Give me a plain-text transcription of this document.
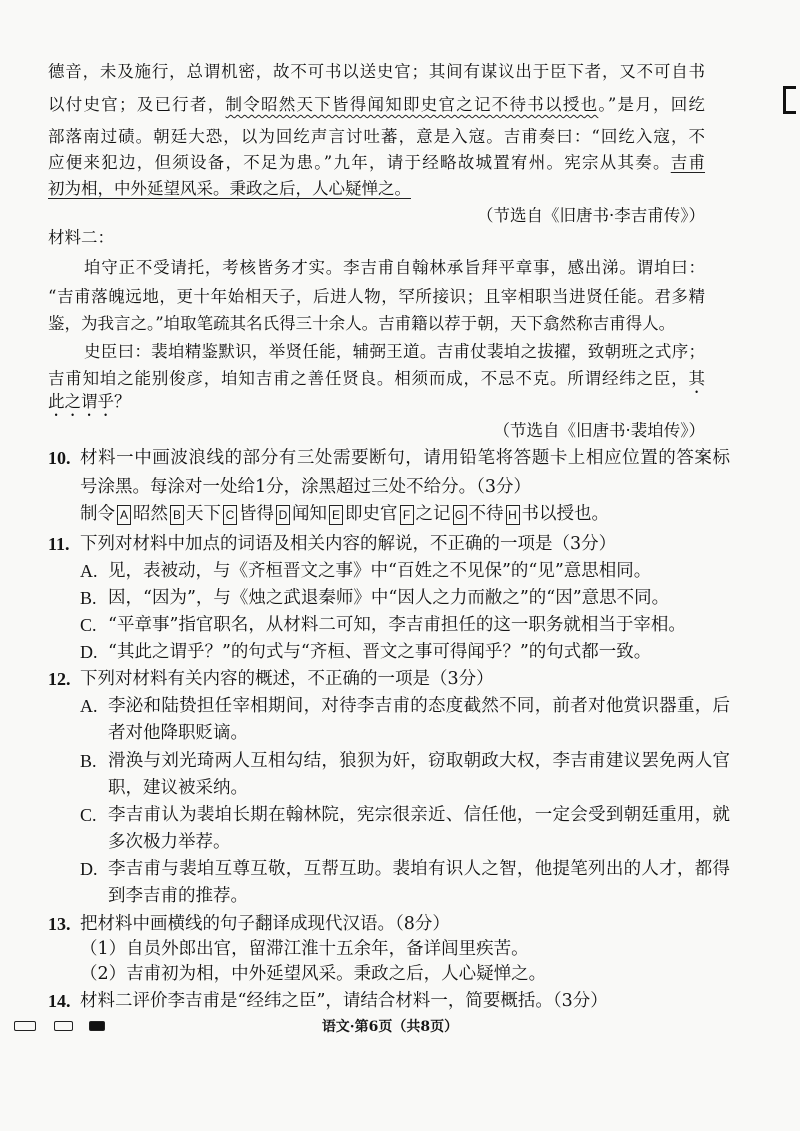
德音，未及施行，总谓机密，故不可书以送史官；其间有谋议出于臣下者，又不可自书
以付史官；及已行者，制令昭然天下皆得闻知即史官之记不待书以授也。”是月，回纥
部落南过碛。朝廷大恐，以为回纥声言讨吐蕃，意是入寇。吉甫奏曰：“回纥入寇，不
应便来犯边，但须设备，不足为患。”九年，请于经略故城置宥州。宪宗从其奏。吉甫
初为相，中外延望风采。秉政之后，人心疑惮之。
（节选自《旧唐书·李吉甫传》）
材料二：
垍守正不受请托，考核皆务才实。李吉甫自翰林承旨拜平章事，感出涕。谓垍曰：
“吉甫落魄远地，更十年始相天子，后进人物，罕所接识；且宰相职当进贤任能。君多精
鉴，为我言之。”垍取笔疏其名氏得三十余人。吉甫籍以荐于朝，天下翕然称吉甫得人。
史臣曰：裴垍精鉴默识，举贤任能，辅弼王道。吉甫仗裴垍之拔擢，致朝班之式序；
吉甫知垍之能别俊彦，垍知吉甫之善任贤良。相须而成，不忌不克。所谓经纬之臣，其
此之谓乎？
（节选自《旧唐书·裴垍传》）
10. 材料一中画波浪线的部分有三处需要断句，请用铅笔将答题卡上相应位置的答案标
号涂黑。每涂对一处给1分，涂黑超过三处不给分。（3分）
制令 A 昭然 B 天下 C 皆得 D 闻知 E 即史官 F 之记 G 不待 H 书以授也。
11. 下列对材料中加点的词语及相关内容的解说，不正确的一项是（3分）
A. 见，表被动，与《齐桓晋文之事》中“百姓之不见保”的“见”意思相同。
B. 因，“因为”，与《烛之武退秦师》中“因人之力而敝之”的“因”意思不同。
C. “平章事”指官职名，从材料二可知，李吉甫担任的这一职务就相当于宰相。
D. “其此之谓乎？”的句式与“齐桓、晋文之事可得闻乎？”的句式都一致。
12. 下列对材料有关内容的概述，不正确的一项是（3分）
A. 李泌和陆贽担任宰相期间，对待李吉甫的态度截然不同，前者对他赏识器重，后
者对他降职贬谪。
B. 滑涣与刘光琦两人互相勾结，狼狈为奸，窃取朝政大权，李吉甫建议罢免两人官
职，建议被采纳。
C. 李吉甫认为裴垍长期在翰林院，宪宗很亲近、信任他，一定会受到朝廷重用，就
多次极力举荐。
D. 李吉甫与裴垍互尊互敬，互帮互助。裴垍有识人之智，他提笔列出的人才，都得
到李吉甫的推荐。
13. 把材料中画横线的句子翻译成现代汉语。（8分）
（1）自员外郎出官，留滞江淮十五余年，备详闾里疾苦。
（2）吉甫初为相，中外延望风采。秉政之后，人心疑惮之。
14. 材料二评价李吉甫是“经纬之臣”，请结合材料一，简要概括。（3分）
语文·第6页（共8页）
